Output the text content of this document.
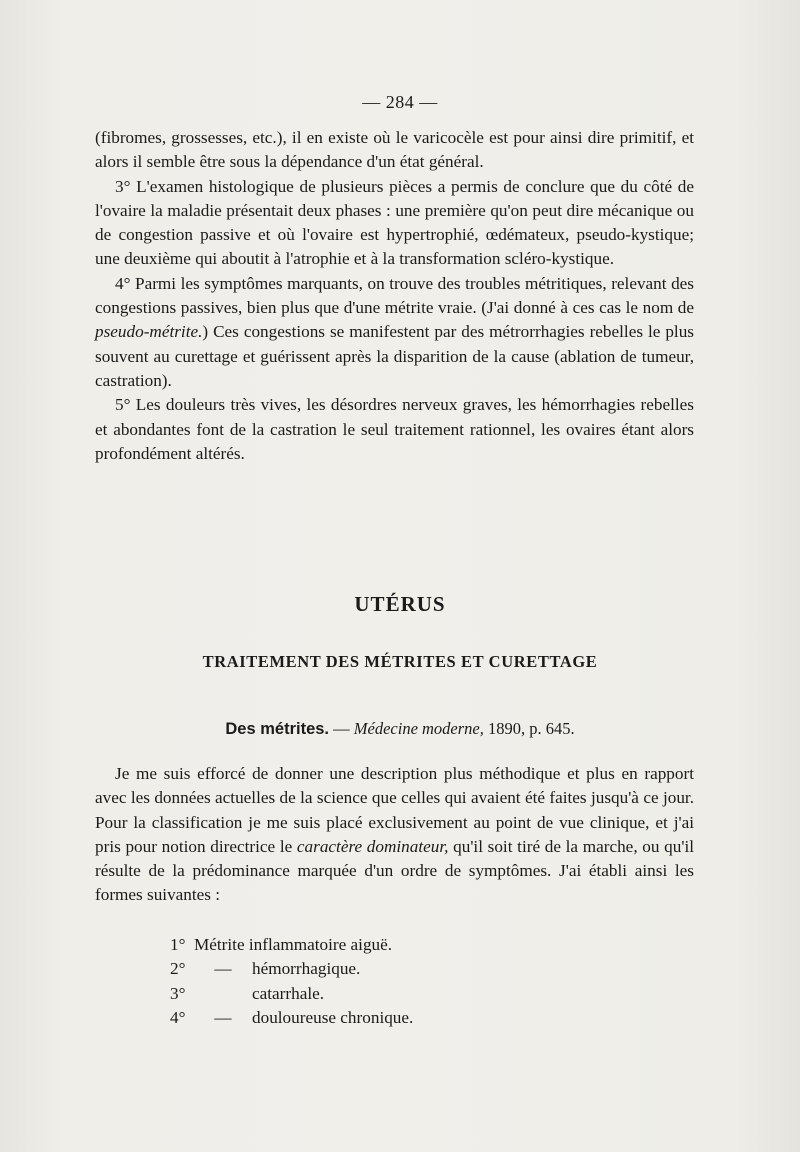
— 284 —

(fibromes, grossesses, etc.), il en existe où le varicocèle est pour ainsi dire primitif, et alors il semble être sous la dépendance d'un état général.

3° L'examen histologique de plusieurs pièces a permis de conclure que du côté de l'ovaire la maladie présentait deux phases : une première qu'on peut dire mécanique ou de congestion passive et où l'ovaire est hypertrophié, œdémateux, pseudo-kystique; une deuxième qui aboutit à l'atrophie et à la transformation scléro-kystique.

4° Parmi les symptômes marquants, on trouve des troubles métritiques, relevant des congestions passives, bien plus que d'une métrite vraie. (J'ai donné à ces cas le nom de pseudo-métrite.) Ces congestions se manifestent par des métrorrhagies rebelles le plus souvent au curettage et guérissent après la disparition de la cause (ablation de tumeur, castration).

5° Les douleurs très vives, les désordres nerveux graves, les hémorrhagies rebelles et abondantes font de la castration le seul traitement rationnel, les ovaires étant alors profondément altérés.

UTÉRUS
TRAITEMENT DES MÉTRITES ET CURETTAGE
Des métrites. — Médecine moderne, 1890, p. 645.

Je me suis efforcé de donner une description plus méthodique et plus en rapport avec les données actuelles de la science que celles qui avaient été faites jusqu'à ce jour. Pour la classification je me suis placé exclusivement au point de vue clinique, et j'ai pris pour notion directrice le caractère dominateur, qu'il soit tiré de la marche, ou qu'il résulte de la prédominance marquée d'un ordre de symptômes. J'ai établi ainsi les formes suivantes :

1° Métrite inflammatoire aiguë.
2° — hémorrhagique.
3°	catarrhale.
4° — douloureuse chronique.
